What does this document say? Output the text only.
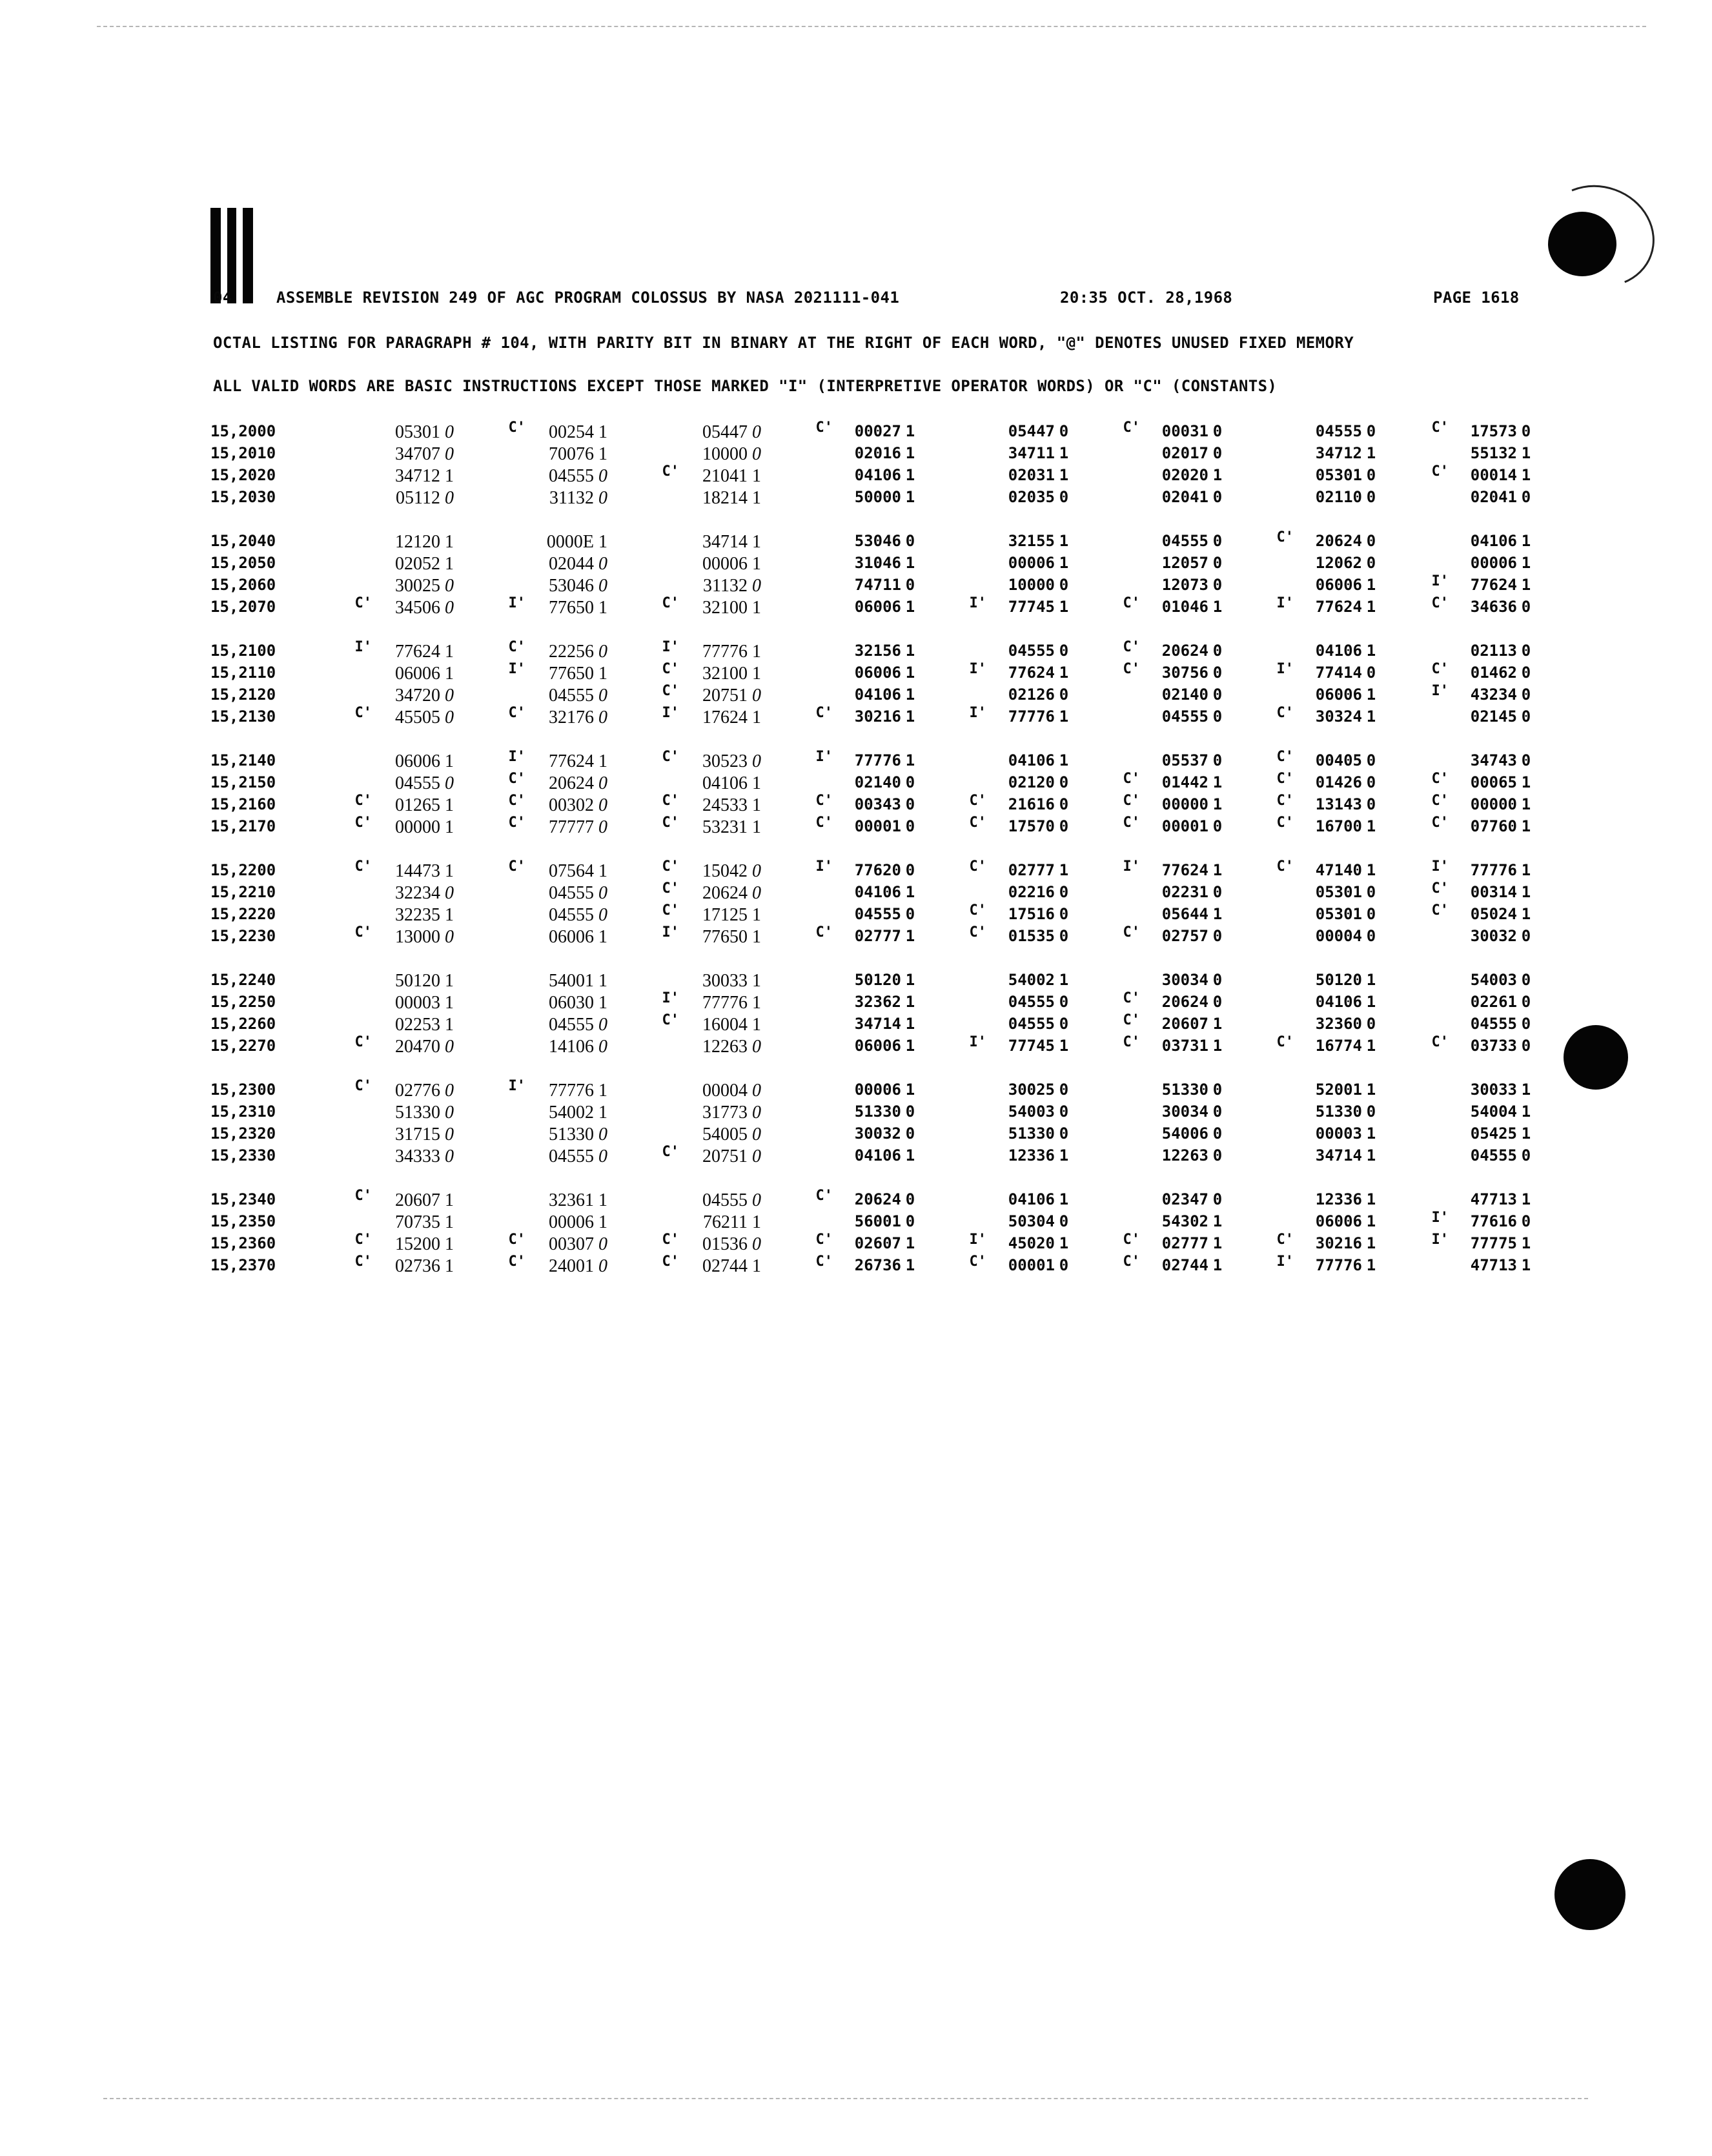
04	ASSEMBLE REVISION 249 OF AGC PROGRAM COLOSSUS BY NASA 2021111-041	20:35 OCT. 28,1968	PAGE 1618
OCTAL LISTING FOR PARAGRAPH # 104, WITH PARITY BIT IN BINARY AT THE RIGHT OF EACH WORD, "@" DENOTES UNUSED FIXED MEMORY
ALL VALID WORDS ARE BASIC INSTRUCTIONS EXCEPT THOSE MARKED "I" (INTERPRETIVE OPERATOR WORDS) OR "C" (CONSTANTS)
15,2000	05301 0	C'	00254 1	05447 0	C'	00027 1	05447 0	C'	00031 0	04555 0	C'	17573 0
15,2010	34707 0	70076 1	10000 0	02016 1	34711 1	02017 0	34712 1	55132 1
15,2020	34712 1	04555 0	C'	21041 1	04106 1	02031 1	02020 1	05301 0	C'	00014 1
15,2030	05112 0	31132 0	18214 1	50000 1	02035 0	02041 0	02110 0	02041 0
15,2040	12120 1	0000E 1	34714 1	53046 0	32155 1	04555 0	C'	20624 0	04106 1
15,2050	02052 1	02044 0	00006 1	31046 1	00006 1	12057 0	12062 0	00006 1
15,2060	30025 0	53046 0	31132 0	74711 0	10000 0	12073 0	06006 1	I'	77624 1
15,2070	C'	34506 0	I'	77650 1	C'	32100 1	06006 1	I'	77745 1	C'	01046 1	I'	77624 1	C'	34636 0
15,2100	I'	77624 1	C'	22256 0	I'	77776 1	32156 1	04555 0	C'	20624 0	04106 1	02113 0
15,2110	06006 1	I'	77650 1	C'	32100 1	06006 1	I'	77624 1	C'	30756 0	I'	77414 0	C'	01462 0
15,2120	34720 0	04555 0	C'	20751 0	04106 1	02126 0	02140 0	06006 1	I'	43234 0
15,2130	C'	45505 0	C'	32176 0	I'	17624 1	C'	30216 1	I'	77776 1	04555 0	C'	30324 1	02145 0
15,2140	06006 1	I'	77624 1	C'	30523 0	I'	77776 1	04106 1	05537 0	C'	00405 0	34743 0
15,2150	04555 0	C'	20624 0	04106 1	02140 0	02120 0	C'	01442 1	C'	01426 0	C'	00065 1
15,2160	C'	01265 1	C'	00302 0	C'	24533 1	C'	00343 0	C'	21616 0	C'	00000 1	C'	13143 0	C'	00000 1
15,2170	C'	00000 1	C'	77777 0	C'	53231 1	C'	00001 0	C'	17570 0	C'	00001 0	C'	16700 1	C'	07760 1
15,2200	C'	14473 1	C'	07564 1	C'	15042 0	I'	77620 0	C'	02777 1	I'	77624 1	C'	47140 1	I'	77776 1
15,2210	32234 0	04555 0	C'	20624 0	04106 1	02216 0	02231 0	05301 0	C'	00314 1
15,2220	32235 1	04555 0	C'	17125 1	04555 0	C'	17516 0	05644 1	05301 0	C'	05024 1
15,2230	C'	13000 0	06006 1	I'	77650 1	C'	02777 1	C'	01535 0	C'	02757 0	00004 0	30032 0
15,2240	50120 1	54001 1	30033 1	50120 1	54002 1	30034 0	50120 1	54003 0
15,2250	00003 1	06030 1	I'	77776 1	32362 1	04555 0	C'	20624 0	04106 1	02261 0
15,2260	02253 1	04555 0	C'	16004 1	34714 1	04555 0	C'	20607 1	32360 0	04555 0
15,2270	C'	20470 0	14106 0	12263 0	06006 1	I'	77745 1	C'	03731 1	C'	16774 1	C'	03733 0
15,2300	C'	02776 0	I'	77776 1	00004 0	00006 1	30025 0	51330 0	52001 1	30033 1
15,2310	51330 0	54002 1	31773 0	51330 0	54003 0	30034 0	51330 0	54004 1
15,2320	31715 0	51330 0	54005 0	30032 0	51330 0	54006 0	00003 1	05425 1
15,2330	34333 0	04555 0	C'	20751 0	04106 1	12336 1	12263 0	34714 1	04555 0
15,2340	C'	20607 1	32361 1	04555 0	C'	20624 0	04106 1	02347 0	12336 1	47713 1
15,2350	70735 1	00006 1	76211 1	56001 0	50304 0	54302 1	06006 1	I'	77616 0
15,2360	C'	15200 1	C'	00307 0	C'	01536 0	C'	02607 1	I'	45020 1	C'	02777 1	C'	30216 1	I'	77775 1
15,2370	C'	02736 1	C'	24001 0	C'	02744 1	C'	26736 1	C'	00001 0	C'	02744 1	I'	77776 1	47713 1
